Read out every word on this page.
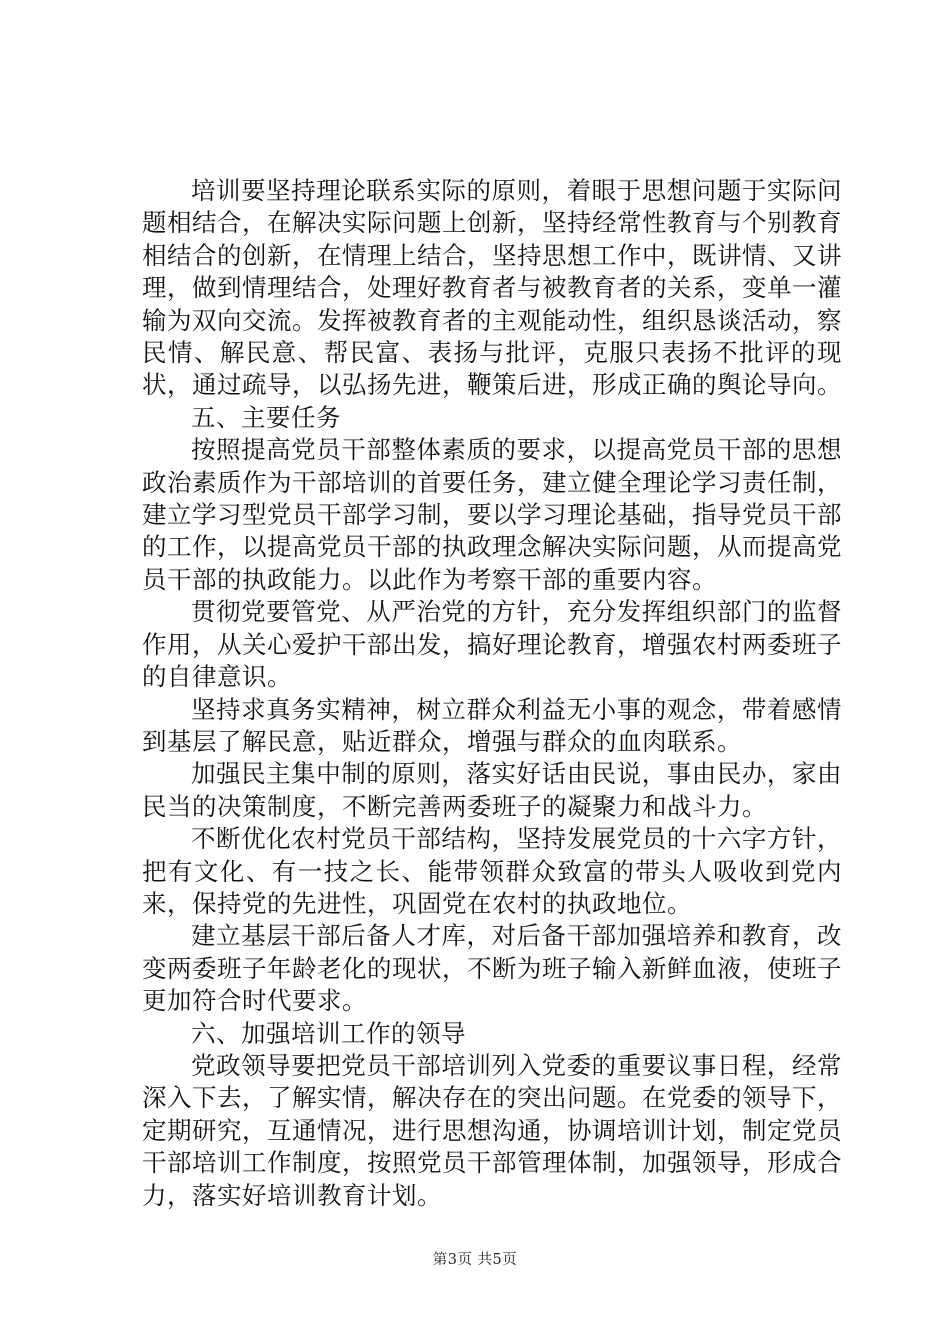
培训要坚持理论联系实际的原则，着眼于思想问题于实际问题相结合，在解决实际问题上创新，坚持经常性教育与个别教育相结合的创新，在情理上结合，坚持思想工作中，既讲情、又讲理，做到情理结合，处理好教育者与被教育者的关系，变单一灌输为双向交流。发挥被教育者的主观能动性，组织恳谈活动，察民情、解民意、帮民富、表扬与批评，克服只表扬不批评的现状，通过疏导，以弘扬先进，鞭策后进，形成正确的舆论导向。

五、主要任务

按照提高党员干部整体素质的要求，以提高党员干部的思想政治素质作为干部培训的首要任务，建立健全理论学习责任制，建立学习型党员干部学习制，要以学习理论基础，指导党员干部的工作，以提高党员干部的执政理念解决实际问题，从而提高党员干部的执政能力。以此作为考察干部的重要内容。

贯彻党要管党、从严治党的方针，充分发挥组织部门的监督作用，从关心爱护干部出发，搞好理论教育，增强农村两委班子的自律意识。

坚持求真务实精神，树立群众利益无小事的观念，带着感情到基层了解民意，贴近群众，增强与群众的血肉联系。

加强民主集中制的原则，落实好话由民说，事由民办，家由民当的决策制度，不断完善两委班子的凝聚力和战斗力。

不断优化农村党员干部结构，坚持发展党员的十六字方针，把有文化、有一技之长、能带领群众致富的带头人吸收到党内来，保持党的先进性，巩固党在农村的执政地位。

建立基层干部后备人才库，对后备干部加强培养和教育，改变两委班子年龄老化的现状，不断为班子输入新鲜血液，使班子更加符合时代要求。

六、加强培训工作的领导

党政领导要把党员干部培训列入党委的重要议事日程，经常深入下去，了解实情，解决存在的突出问题。在党委的领导下，定期研究，互通情况，进行思想沟通，协调培训计划，制定党员干部培训工作制度，按照党员干部管理体制，加强领导，形成合力，落实好培训教育计划。

第3页 共5页
